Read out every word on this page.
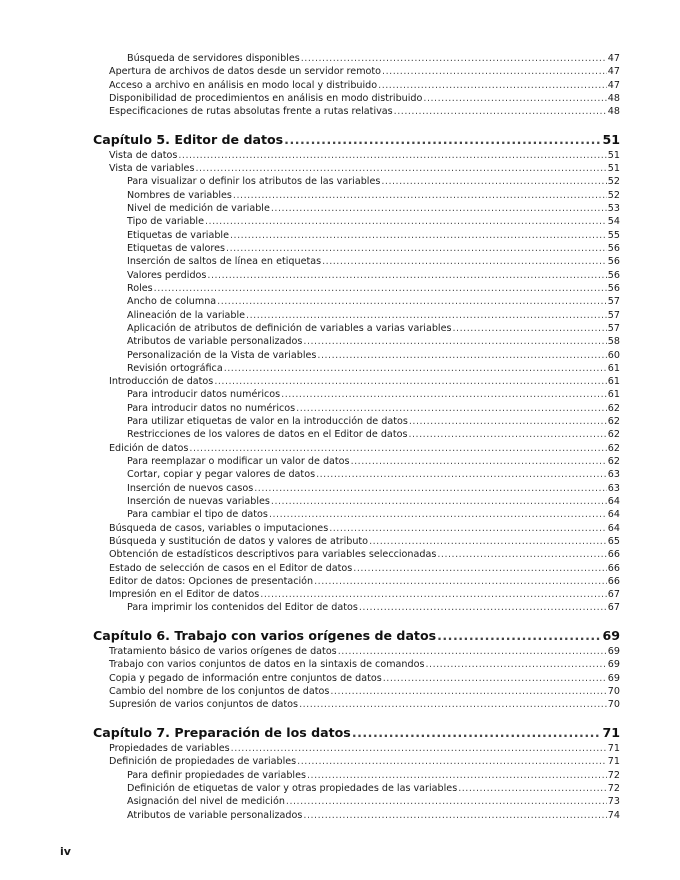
Búsqueda de servidores disponibles .....	47
Apertura de archivos de datos desde un servidor remoto .....	47
Acceso a archivo en análisis en modo local y distribuido .....	47
Disponibilidad de procedimientos en análisis en modo distribuido .....	48
Especificaciones de rutas absolutas frente a rutas relativas .....	48
Capítulo 5. Editor de datos .....	51
Vista de datos .....	51
Vista de variables .....	51
Para visualizar o definir los atributos de las variables .....	52
Nombres de variables .....	52
Nivel de medición de variable .....	53
Tipo de variable .....	54
Etiquetas de variable .....	55
Etiquetas de valores .....	56
Inserción de saltos de línea en etiquetas .....	56
Valores perdidos .....	56
Roles .....	56
Ancho de columna .....	57
Alineación de la variable .....	57
Aplicación de atributos de definición de variables a varias variables .....	57
Atributos de variable personalizados .....	58
Personalización de la Vista de variables .....	60
Revisión ortográfica .....	61
Introducción de datos .....	61
Para introducir datos numéricos .....	61
Para introducir datos no numéricos .....	62
Para utilizar etiquetas de valor en la introducción de datos .....	62
Restricciones de los valores de datos en el Editor de datos .....	62
Edición de datos .....	62
Para reemplazar o modificar un valor de datos .....	62
Cortar, copiar y pegar valores de datos .....	63
Inserción de nuevos casos .....	63
Inserción de nuevas variables .....	64
Para cambiar el tipo de datos .....	64
Búsqueda de casos, variables o imputaciones .....	64
Búsqueda y sustitución de datos y valores de atributo .....	65
Obtención de estadísticos descriptivos para variables seleccionadas .....	66
Estado de selección de casos en el Editor de datos .....	66
Editor de datos: Opciones de presentación .....	66
Impresión en el Editor de datos .....	67
Para imprimir los contenidos del Editor de datos .....	67
Capítulo 6. Trabajo con varios orígenes de datos .....	69
Tratamiento básico de varios orígenes de datos .....	69
Trabajo con varios conjuntos de datos en la sintaxis de comandos .....	69
Copia y pegado de información entre conjuntos de datos .....	69
Cambio del nombre de los conjuntos de datos .....	70
Supresión de varios conjuntos de datos .....	70
Capítulo 7. Preparación de los datos .....	71
Propiedades de variables .....	71
Definición de propiedades de variables .....	71
Para definir propiedades de variables .....	72
Definición de etiquetas de valor y otras propiedades de las variables .....	72
Asignación del nivel de medición .....	73
Atributos de variable personalizados .....	74
iv
